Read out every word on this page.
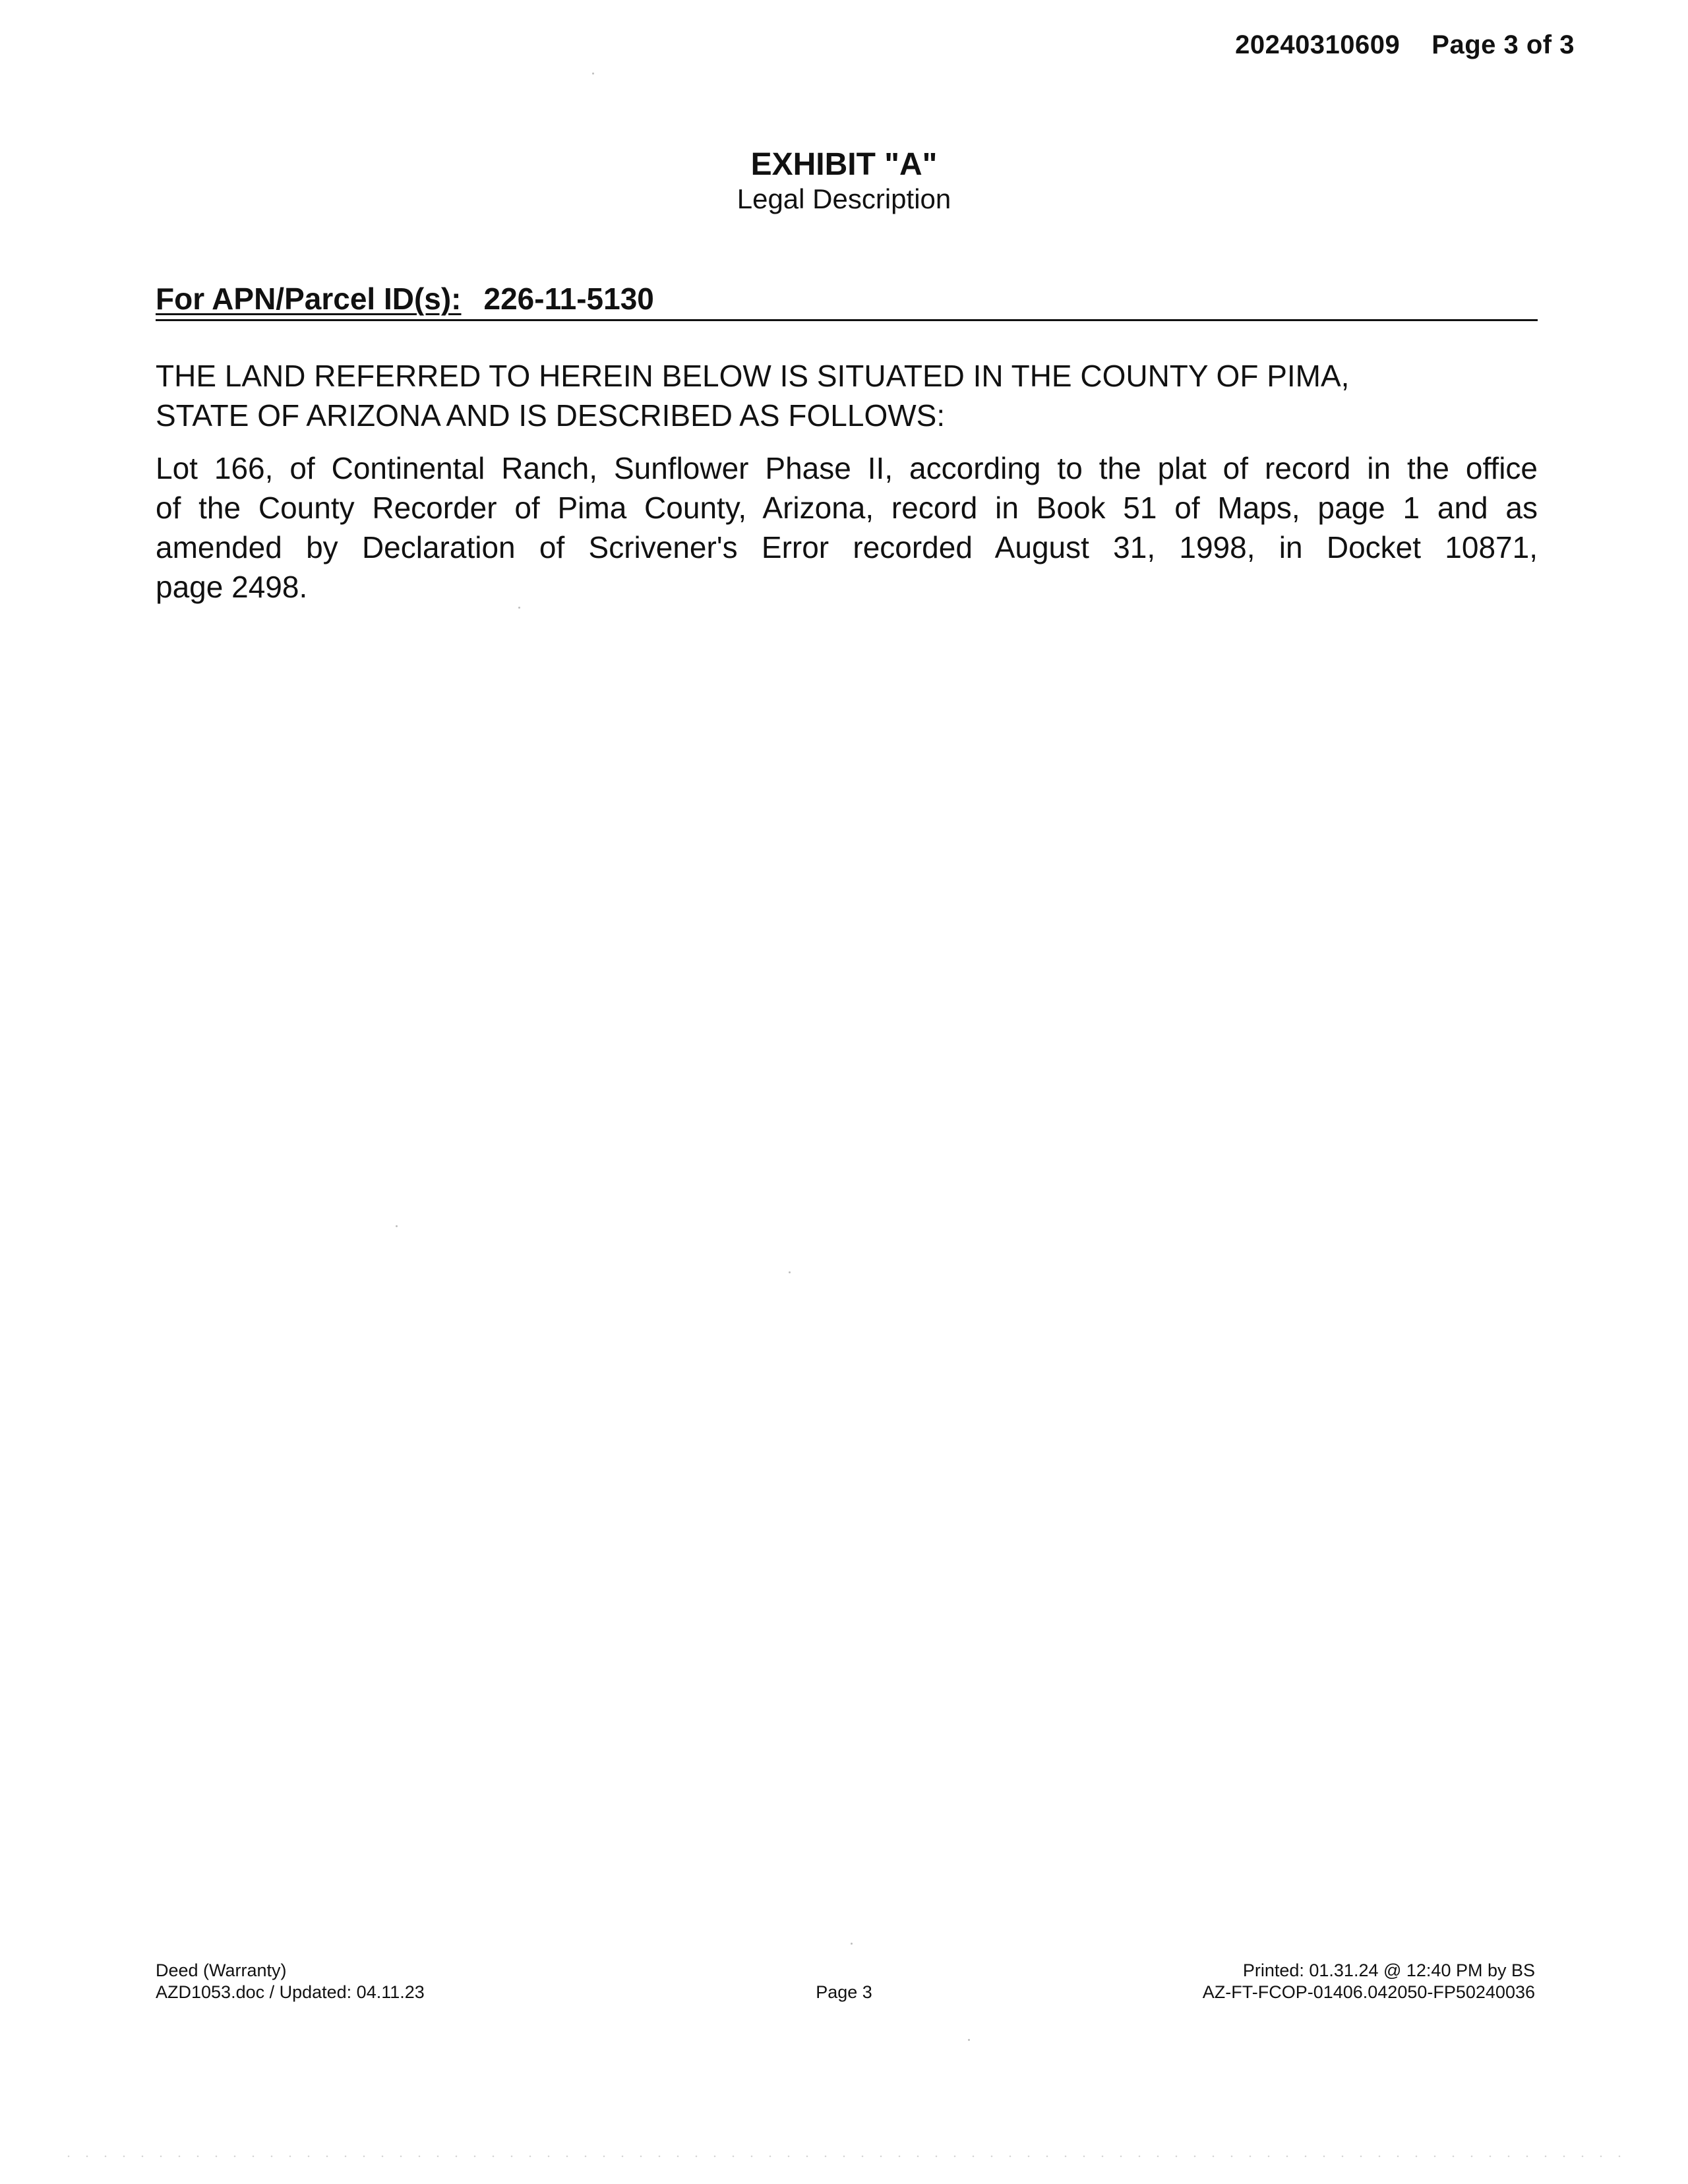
20240310609 Page 3 of 3
EXHIBIT "A"
Legal Description
For APN/Parcel ID(s): 226-11-5130
THE LAND REFERRED TO HEREIN BELOW IS SITUATED IN THE COUNTY OF PIMA,
STATE OF ARIZONA AND IS DESCRIBED AS FOLLOWS:
Lot 166, of Continental Ranch, Sunflower Phase II, according to the plat of record in the office
of the County Recorder of Pima County, Arizona, record in Book 51 of Maps, page 1 and as
amended by Declaration of Scrivener's Error recorded August 31, 1998, in Docket 10871,
page 2498.
Deed (Warranty)
AZD1053.doc / Updated: 04.11.23	Page 3
Printed: 01.31.24 @ 12:40 PM by BS
AZ-FT-FCOP-01406.042050-FP50240036
